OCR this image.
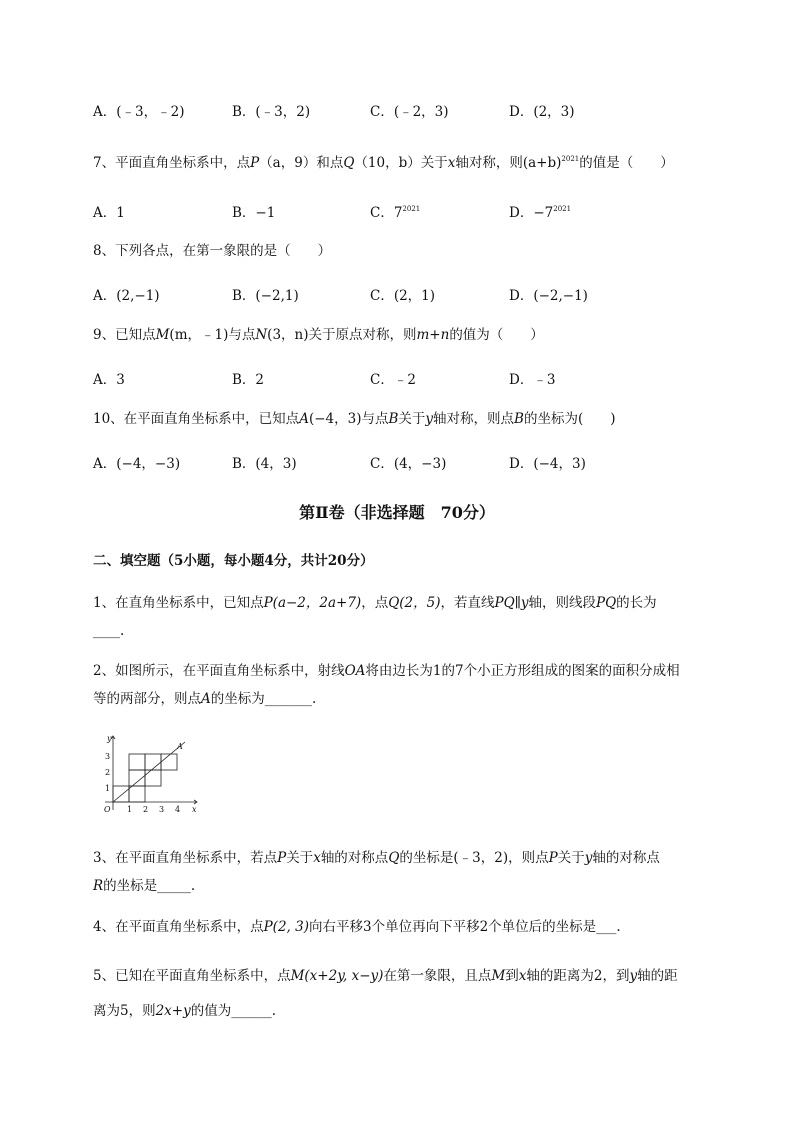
A．(﹣3，﹣2)	B．(﹣3，2)	C．(﹣2，3)	D．(2，3)
7、平面直角坐标系中，点P（a，9）和点Q（10，b）关于x轴对称，则$(a+b)^{2021}$的值是（　　）
A．1	B．−1	C．$7^{2021}$	D．$-7^{2021}$
8、下列各点，在第一象限的是（　　）
A．(2,−1)	B．(−2,1)	C．(2，1)	D．(−2,−1)
9、已知点M(m，﹣1)与点N(3，n)关于原点对称，则m+n的值为（　　）
A．3	B．2	C．﹣2	D．﹣3
10、在平面直角坐标系中，已知点A(−4，3)与点B关于y轴对称，则点B的坐标为(　　)
A．(−4，−3)	B．(4，3)	C．(4，−3)	D．(−4，3)
第Ⅱ卷（非选择题　70分）
二、填空题（5小题，每小题4分，共计20分）
1、在直角坐标系中，已知点P(a−2，2a+7)，点Q(2，5)，若直线PQ∥y轴，则线段PQ的长为
____.
2、如图所示，在平面直角坐标系中，射线OA将由边长为1的7个小正方形组成的图案的面积分成相
等的两部分，则点A的坐标为_______.
y
x
O
A
1 2 3 4
1
2
3
3、在平面直角坐标系中，若点P关于x轴的对称点Q的坐标是(﹣3，2)，则点P关于y轴的对称点
R的坐标是_____.
4、在平面直角坐标系中，点P(2, 3)向右平移3个单位再向下平移2个单位后的坐标是___.
5、已知在平面直角坐标系中，点M(x+2y, x−y)在第一象限，且点M到x轴的距离为2，到y轴的距
离为5，则2x+y的值为______.
